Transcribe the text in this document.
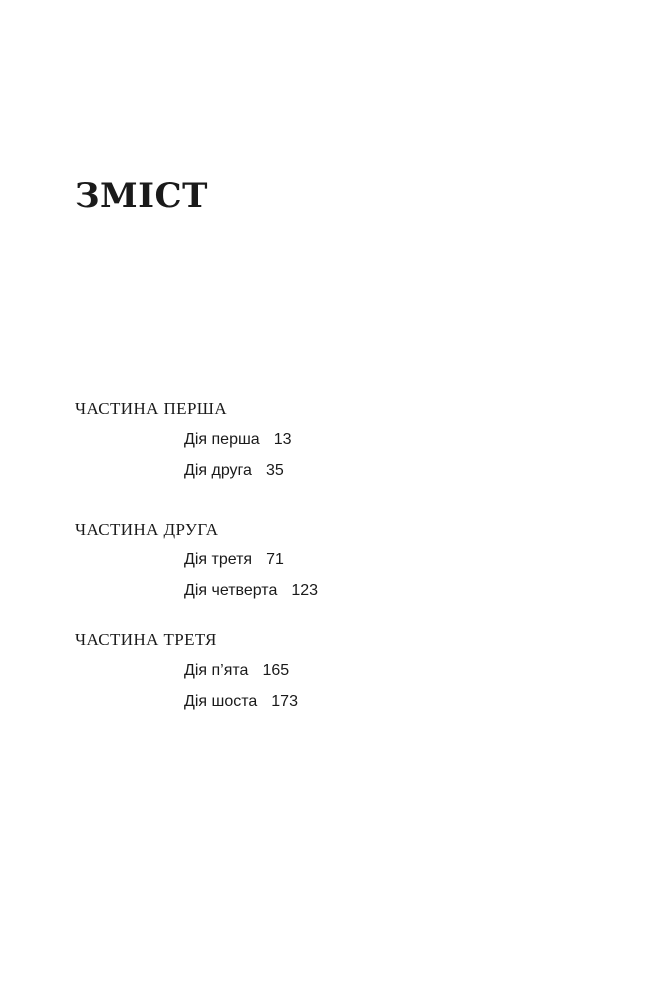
ЗМІСТ
ЧАСТИНА ПЕРША
Дія перша 13
Дія друга 35
ЧАСТИНА ДРУГА
Дія третя 71
Дія четверта 123
ЧАСТИНА ТРЕТЯ
Дія п’ята 165
Дія шоста 173
